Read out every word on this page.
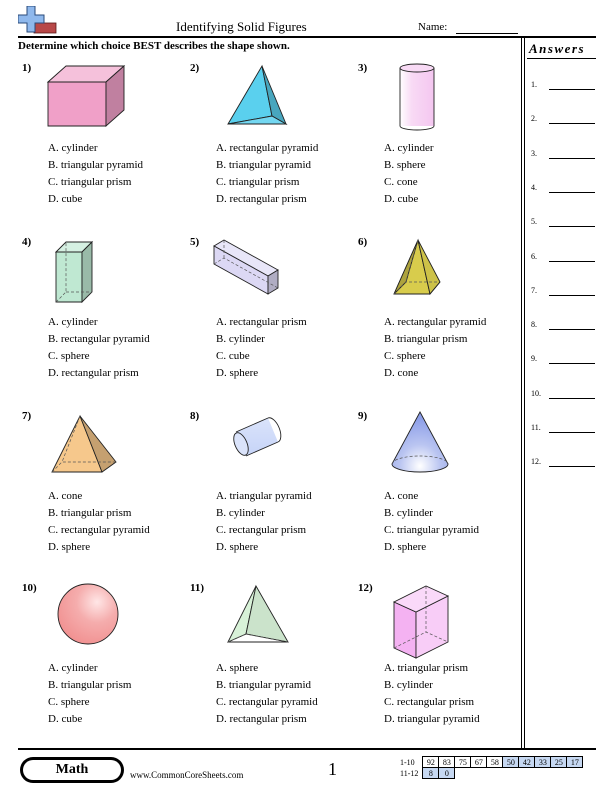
Identifying Solid Figures	Name:
Determine which choice BEST describes the shape shown.	Answers
1.
2.
3.
4.
5.
6.
7.
8.
9.
10.
11.
12.
1)
A. cylinder
B. triangular pyramid
C. triangular prism
D. cube
2)
A. rectangular pyramid
B. triangular pyramid
C. triangular prism
D. rectangular prism
3)
A. cylinder
B. sphere
C. cone
D. cube
4)
A. cylinder
B. rectangular pyramid
C. sphere
D. rectangular prism
5)
A. rectangular prism
B. cylinder
C. cube
D. sphere
6)
A. rectangular pyramid
B. triangular prism
C. sphere
D. cone
7)
A. cone
B. triangular prism
C. rectangular pyramid
D. sphere
8)
A. triangular pyramid
B. cylinder
C. rectangular prism
D. sphere
9)
A. cone
B. cylinder
C. triangular pyramid
D. sphere
10)
A. cylinder
B. triangular prism
C. sphere
D. cube
11)
A. sphere
B. triangular pyramid
C. rectangular pyramid
D. rectangular prism
12)
A. triangular prism
B. cylinder
C. rectangular prism
D. triangular pyramid
Math	www.CommonCoreSheets.com	1	1-10	92	83	75	67	58	50	42	33	25	17
11-12	8	0								
